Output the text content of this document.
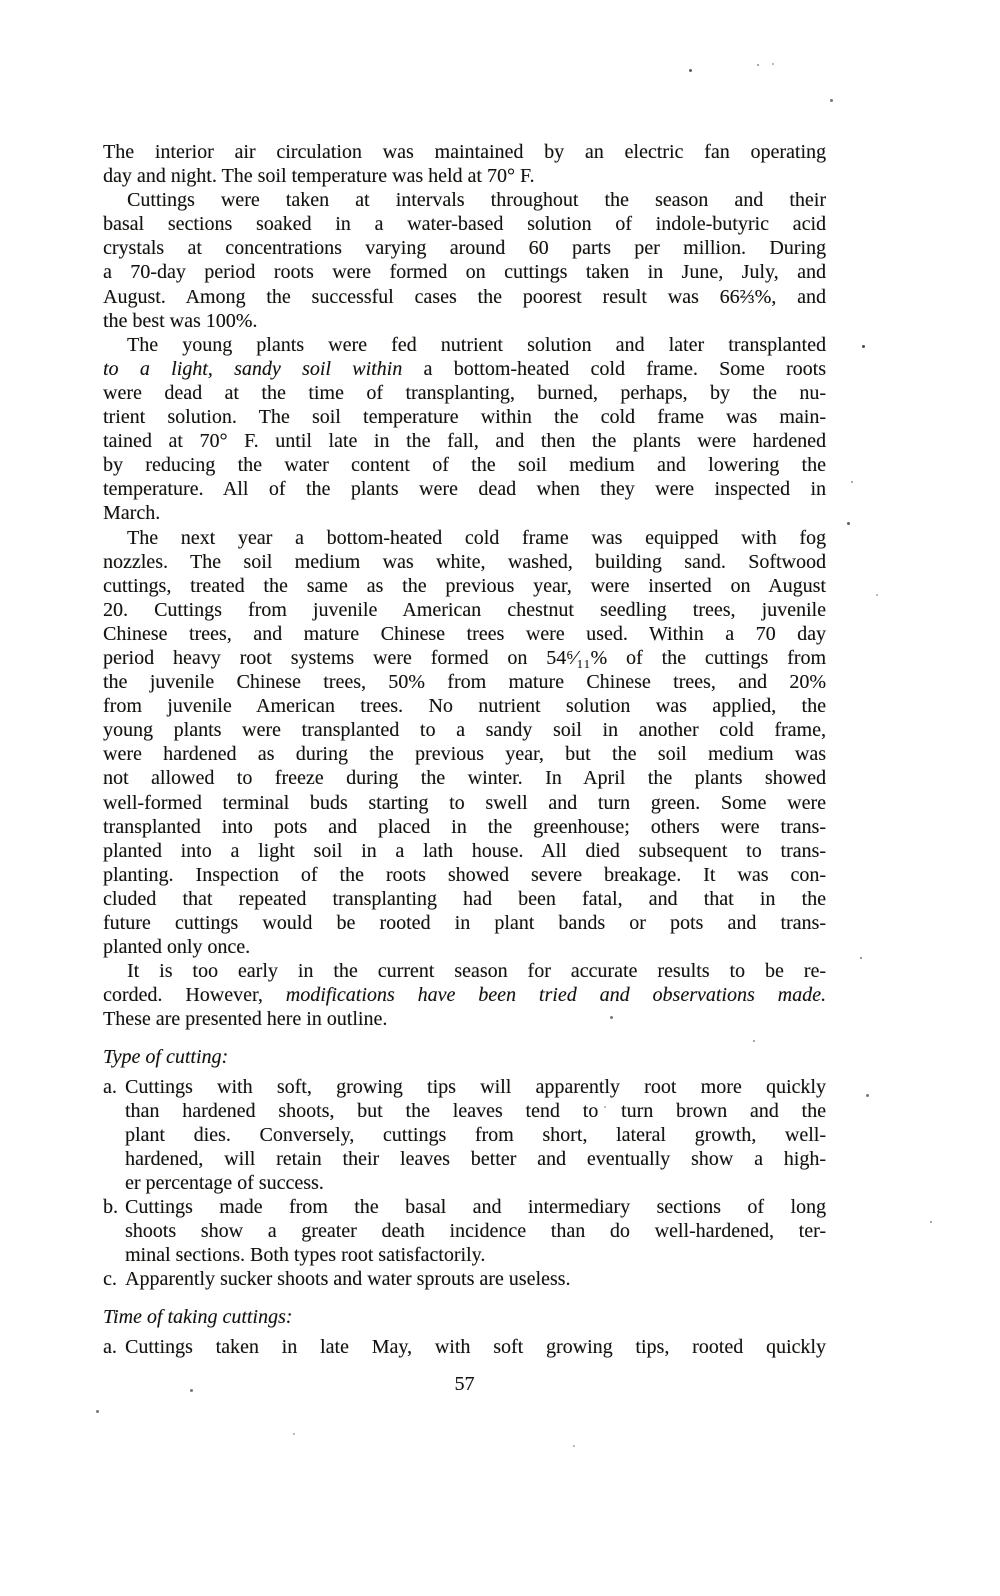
The interior air circulation was maintained by an electric fan operating
day and night. The soil temperature was held at 70° F.
Cuttings were taken at intervals throughout the season and their
basal sections soaked in a water-based solution of indole-butyric acid
crystals at concentrations varying around 60 parts per million. During
a 70-day period roots were formed on cuttings taken in June, July, and
August. Among the successful cases the poorest result was 66⅔%, and
the best was 100%.
The young plants were fed nutrient solution and later transplanted
to a light, sandy soil within a bottom-heated cold frame. Some roots
were dead at the time of transplanting, burned, perhaps, by the nu-
trient solution. The soil temperature within the cold frame was main-
tained at 70° F. until late in the fall, and then the plants were hardened
by reducing the water content of the soil medium and lowering the
temperature. All of the plants were dead when they were inspected in
March.
The next year a bottom-heated cold frame was equipped with fog
nozzles. The soil medium was white, washed, building sand. Softwood
cuttings, treated the same as the previous year, were inserted on August
20. Cuttings from juvenile American chestnut seedling trees, juvenile
Chinese trees, and mature Chinese trees were used. Within a 70 day
period heavy root systems were formed on 54⁶⁄₁₁% of the cuttings from
the juvenile Chinese trees, 50% from mature Chinese trees, and 20%
from juvenile American trees. No nutrient solution was applied, the
young plants were transplanted to a sandy soil in another cold frame,
were hardened as during the previous year, but the soil medium was
not allowed to freeze during the winter. In April the plants showed
well-formed terminal buds starting to swell and turn green. Some were
transplanted into pots and placed in the greenhouse; others were trans-
planted into a light soil in a lath house. All died subsequent to trans-
planting. Inspection of the roots showed severe breakage. It was con-
cluded that repeated transplanting had been fatal, and that in the
future cuttings would be rooted in plant bands or pots and trans-
planted only once.
It is too early in the current season for accurate results to be re-
corded. However, modifications have been tried and observations made.
These are presented here in outline.
Type of cutting:
a. Cuttings with soft, growing tips will apparently root more quickly
than hardened shoots, but the leaves tend to turn brown and the
plant dies. Conversely, cuttings from short, lateral growth, well-
hardened, will retain their leaves better and eventually show a high-
er percentage of success.
b. Cuttings made from the basal and intermediary sections of long
shoots show a greater death incidence than do well-hardened, ter-
minal sections. Both types root satisfactorily.
c. Apparently sucker shoots and water sprouts are useless.
Time of taking cuttings:
a. Cuttings taken in late May, with soft growing tips, rooted quickly
57
